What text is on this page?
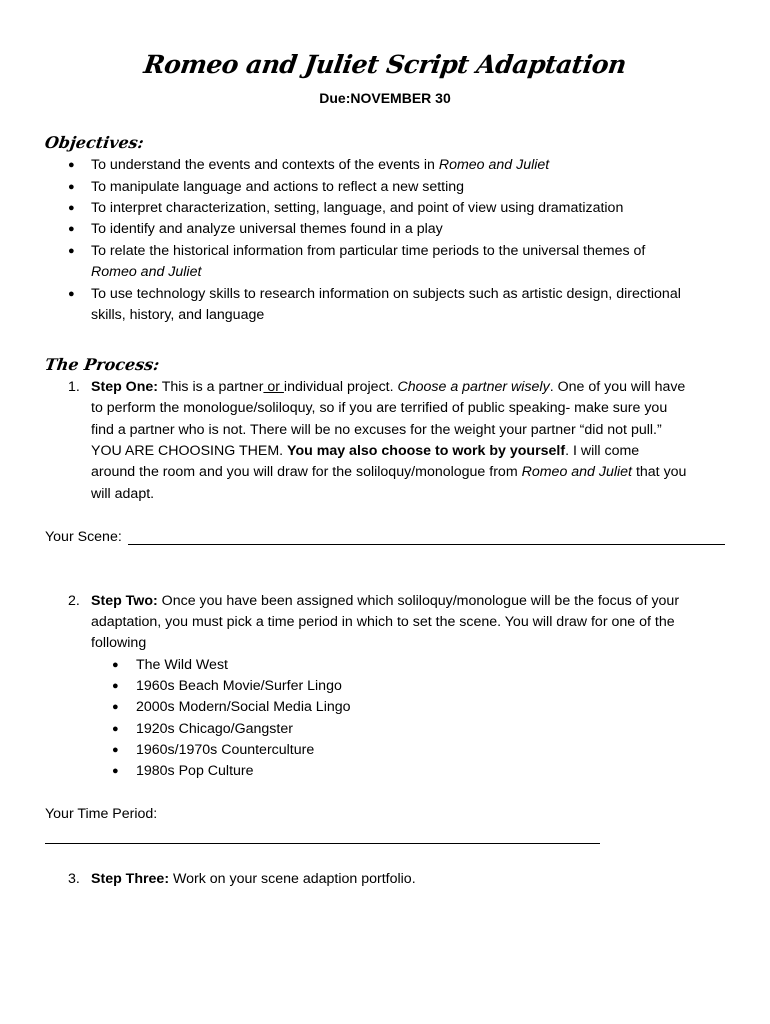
Romeo and Juliet Script Adaptation
Due:NOVEMBER 30
Objectives:
● To understand the events and contexts of the events in Romeo and Juliet
● To manipulate language and actions to reflect a new setting
● To interpret characterization, setting, language, and point of view using dramatization
● To identify and analyze universal themes found in a play
● To relate the historical information from particular time periods to the universal themes of
Romeo and Juliet
● To use technology skills to research information on subjects such as artistic design, directional
skills, history, and language
The Process:
1. Step One: This is a partner or individual project. Choose a partner wisely. One of you will have
to perform the monologue/soliloquy, so if you are terrified of public speaking- make sure you
find a partner who is not. There will be no excuses for the weight your partner “did not pull.”
YOU ARE CHOOSING THEM. You may also choose to work by yourself. I will come
around the room and you will draw for the soliloquy/monologue from Romeo and Juliet that you
will adapt.
Your Scene:
2. Step Two: Once you have been assigned which soliloquy/monologue will be the focus of your
adaptation, you must pick a time period in which to set the scene. You will draw for one of the
following
● The Wild West
● 1960s Beach Movie/Surfer Lingo
● 2000s Modern/Social Media Lingo
● 1920s Chicago/Gangster
● 1960s/1970s Counterculture
● 1980s Pop Culture
Your Time Period:
3. Step Three: Work on your scene adaption portfolio.
